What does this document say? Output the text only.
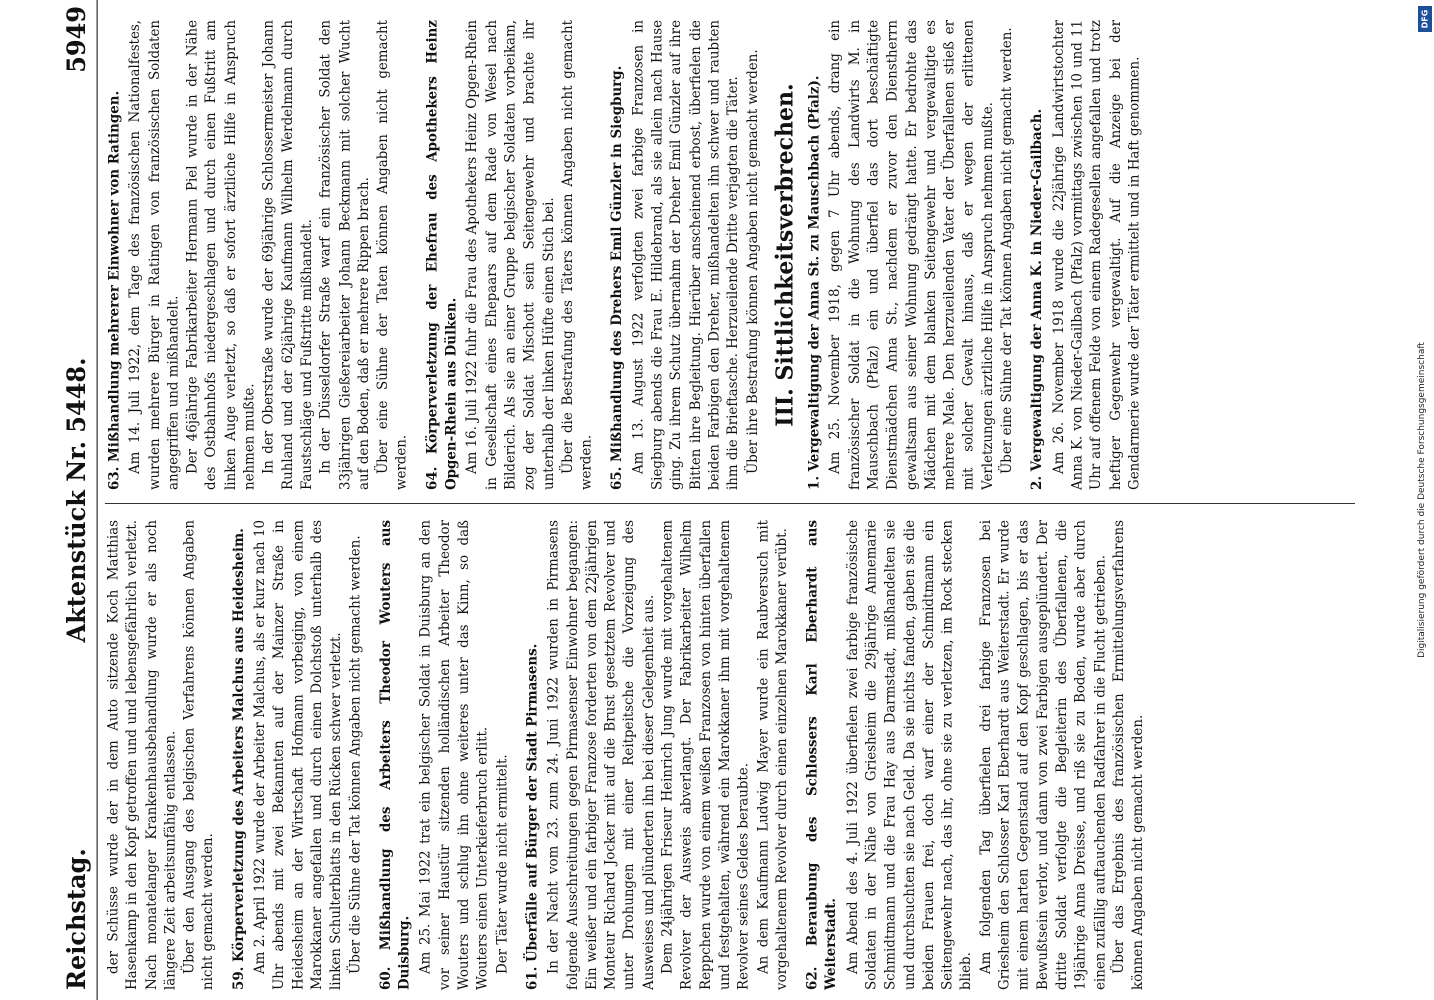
Reichstag.
Aktenstück Nr. 5448.
5949

der Schüsse wurde der in dem Auto sitzende Koch Matthias Hasenkamp in den Kopf getroffen und und lebensgefährlich verletzt. Nach monatelanger Krankenhausbehandlung wurde er als noch längere Zeit arbeitsunfähig entlassen. Über den Ausgang des belgischen Verfahrens können Angaben nicht gemacht werden. 59. Körperverletzung des Arbeiters Malchus aus Heidesheim. Am 2. April 1922 wurde der Arbeiter Malchus, als er kurz nach 10 Uhr abends mit zwei Bekannten auf der Mainzer Straße in Heidesheim an der Wirtschaft Hofmann vorbeiging, von einem Marokkaner angefallen und durch einen Dolchstoß unterhalb des linken Schulterblatts in den Rücken schwer verletzt. Über die Sühne der Tat können Angaben nicht gemacht werden. 60. Mißhandlung des Arbeiters Theodor Wouters aus Duisburg. Am 25. Mai 1922 trat ein belgischer Soldat in Duisburg an den vor seiner Haustür sitzenden holländischen Arbeiter Theodor Wouters und schlug ihn ohne weiteres unter das Kinn, so daß Wouters einen Unterkieferbruch erlitt. Der Täter wurde nicht ermittelt. 61. Überfälle auf Bürger der Stadt Pirmasens. In der Nacht vom 23. zum 24. Juni 1922 wurden in Pirmasens folgende Ausschreitungen gegen Pirmasenser Einwohner begangen: Ein weißer und ein farbiger Franzose forderten von dem 22jährigen Monteur Richard Jocker mit auf die Brust gesetztem Revolver und unter Drohungen mit einer Reitpeitsche die Vorzeigung des Ausweises und plünderten ihn bei dieser Gelegenheit aus. Dem 24jährigen Friseur Heinrich Jung wurde mit vorgehaltenem Revolver der Ausweis abverlangt. Der Fabrikarbeiter Wilhelm Reppchen wurde von einem weißen Franzosen von hinten überfallen und festgehalten, während ein Marokkaner ihm mit vorgehaltenem Revolver seines Geldes beraubte. An dem Kaufmann Ludwig Mayer wurde ein Raubversuch mit vorgehaltenem Revolver durch einen einzelnen Marokkaner verübt. 62. Beraubung des Schlossers Karl Eberhardt aus Weiterstadt. Am Abend des 4. Juli 1922 überfielen zwei farbige französische Soldaten in der Nähe von Griesheim die 29jährige Annemarie Schmidtmann und die Frau Hay aus Darmstadt, mißhandelten sie und durchsuchten sie nach Geld. Da sie nichts fanden, gaben sie die beiden Frauen frei, doch warf einer der Schmidtmann ein Seitengewehr nach, das ihr, ohne sie zu verletzen, im Rock stecken blieb. Am folgenden Tag überfielen drei farbige Franzosen bei Griesheim den Schlosser Karl Eberhardt aus Weiterstadt. Er wurde mit einem harten Gegenstand auf den Kopf geschlagen, bis er das Bewußtsein verlor, und dann von zwei Farbigen ausgeplündert. Der dritte Soldat verfolgte die Begleiterin des Überfallenen, die 19jährige Anna Dreisse, und riß sie zu Boden, wurde aber durch einen zufällig auftauchenden Radfahrer in die Flucht getrieben. Über das Ergebnis des französischen Ermittelungsverfahrens können Angaben nicht gemacht werden.

63. Mißhandlung mehrerer Einwohner von Ratingen. Am 14. Juli 1922, dem Tage des französischen Nationalfestes, wurden mehrere Bürger in Ratingen von französischen Soldaten angegriffen und mißhandelt. Der 46jährige Fabrikarbeiter Hermann Piel wurde in der Nähe des Ostbahnhofs niedergeschlagen und durch einen Fußtritt am linken Auge verletzt, so daß er sofort ärztliche Hilfe in Anspruch nehmen mußte. In der Oberstraße wurde der 69jährige Schlossermeister Johann Ruhland und der 62jährige Kaufmann Wilhelm Werdelmann durch Faustschläge und Fußtritte mißhandelt. In der Düsseldorfer Straße warf ein französischer Soldat den 33jährigen Gießereiarbeiter Johann Beckmann mit solcher Wucht auf den Boden, daß er mehrere Rippen brach. Über eine Sühne der Taten können Angaben nicht gemacht werden. 64. Körperverletzung der Ehefrau des Apothekers Heinz Opgen-Rhein aus Dülken. Am 16. Juli 1922 fuhr die Frau des Apothekers Heinz Opgen-Rhein in Gesellschaft eines Ehepaars auf dem Rade von Wesel nach Bilderich. Als sie an einer Gruppe belgischer Soldaten vorbeikam, zog der Soldat Mischott sein Seitengewehr und brachte ihr unterhalb der linken Hüfte einen Stich bei. Über die Bestrafung des Täters können Angaben nicht gemacht werden. 65. Mißhandlung des Drehers Emil Günzler in Siegburg. Am 13. August 1922 verfolgten zwei farbige Franzosen in Siegburg abends die Frau E. Hildebrand, als sie allein nach Hause ging. Zu ihrem Schutz übernahm der Dreher Emil Günzler auf ihre Bitten ihre Begleitung. Hierüber anscheinend erbost, überfielen die beiden Farbigen den Dreher, mißhandelten ihn schwer und raubten ihm die Brieftasche. Herzueilende Dritte verjagten die Täter. Über ihre Bestrafung können Angaben nicht gemacht werden. III. Sittlichkeitsverbrechen. 1. Vergewaltigung der Anna St. zu Mauschbach (Pfalz). Am 25. November 1918, gegen 7 Uhr abends, drang ein französischer Soldat in die Wohnung des Landwirts M. in Mauschbach (Pfalz) ein und überfiel das dort beschäftigte Dienstmädchen Anna St., nachdem er zuvor den Dienstherrn gewaltsam aus seiner Wohnung gedrängt hatte. Er bedrohte das Mädchen mit dem blanken Seitengewehr und vergewaltigte es mehrere Male. Den herzueilenden Vater der Überfallenen stieß er mit solcher Gewalt hinaus, daß er wegen der erlittenen Verletzungen ärztliche Hilfe in Anspruch nehmen mußte. Über eine Sühne der Tat können Angaben nicht gemacht werden. 2. Vergewaltigung der Anna K. in Nieder-Gailbach. Am 26. November 1918 wurde die 22jährige Landwirtstochter Anna K. von Nieder-Gailbach (Pfalz) vormittags zwischen 10 und 11 Uhr auf offenem Felde von einem Radegesellen angefallen und trotz heftiger Gegenwehr vergewaltigt. Auf die Anzeige bei der Gendarmerie wurde der Täter ermittelt und in Haft genommen.

DFG
Digitalisierung gefördert durch die Deutsche Forschungsgemeinschaft
